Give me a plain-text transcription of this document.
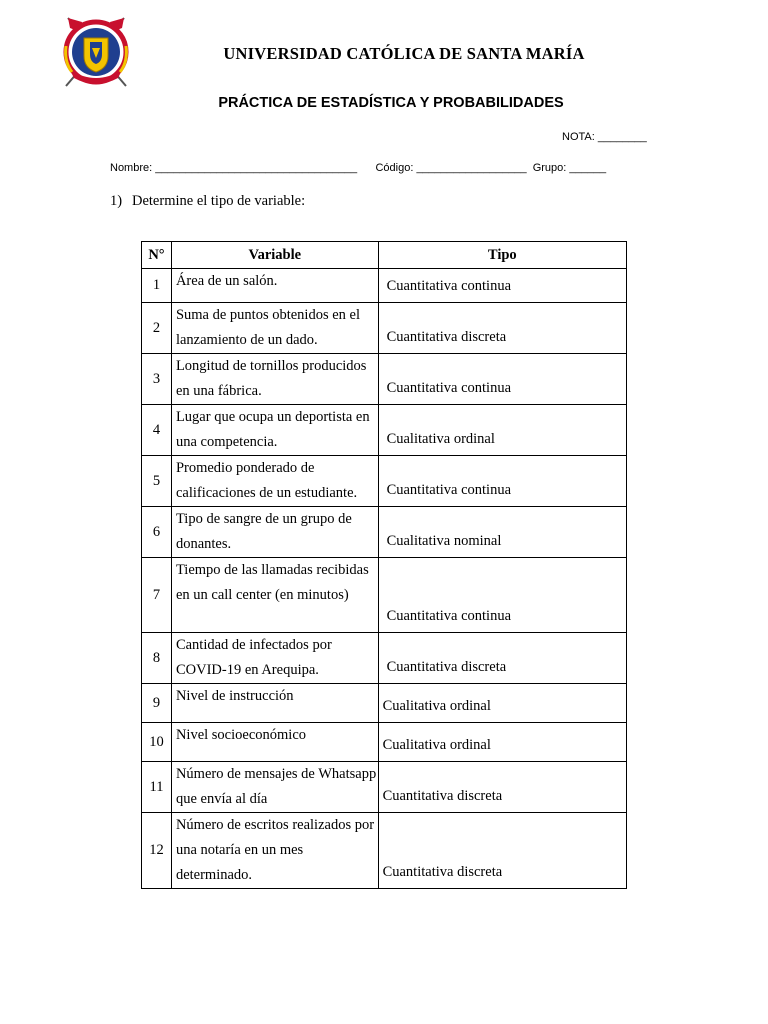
UNIVERSIDAD CATÓLICA DE SANTA MARÍA
PRÁCTICA DE ESTADÍSTICA Y PROBABILIDADES
NOTA: ________
Nombre: _________________________________ Código: __________________ Grupo: ______
1) Determine el tipo de variable:
N°	Variable	Tipo
1	Área de un salón.	Cuantitativa continua
2	Suma de puntos obtenidos en el lanzamiento de un dado.	Cuantitativa discreta
3	Longitud de tornillos producidos en una fábrica.	Cuantitativa continua
4	Lugar que ocupa un deportista en una competencia.	Cualitativa ordinal
5	Promedio ponderado de calificaciones de un estudiante.	Cuantitativa continua
6	Tipo de sangre de un grupo de donantes.	Cualitativa nominal
7	Tiempo de las llamadas recibidas en un call center (en minutos)	Cuantitativa continua
8	Cantidad de infectados por COVID-19 en Arequipa.	Cuantitativa discreta
9	Nivel de instrucción	Cualitativa ordinal
10	Nivel socioeconómico	Cualitativa ordinal
11	Número de mensajes de Whatsapp que envía al día	Cuantitativa discreta
12	Número de escritos realizados por una notaría en un mes determinado.	Cuantitativa discreta
